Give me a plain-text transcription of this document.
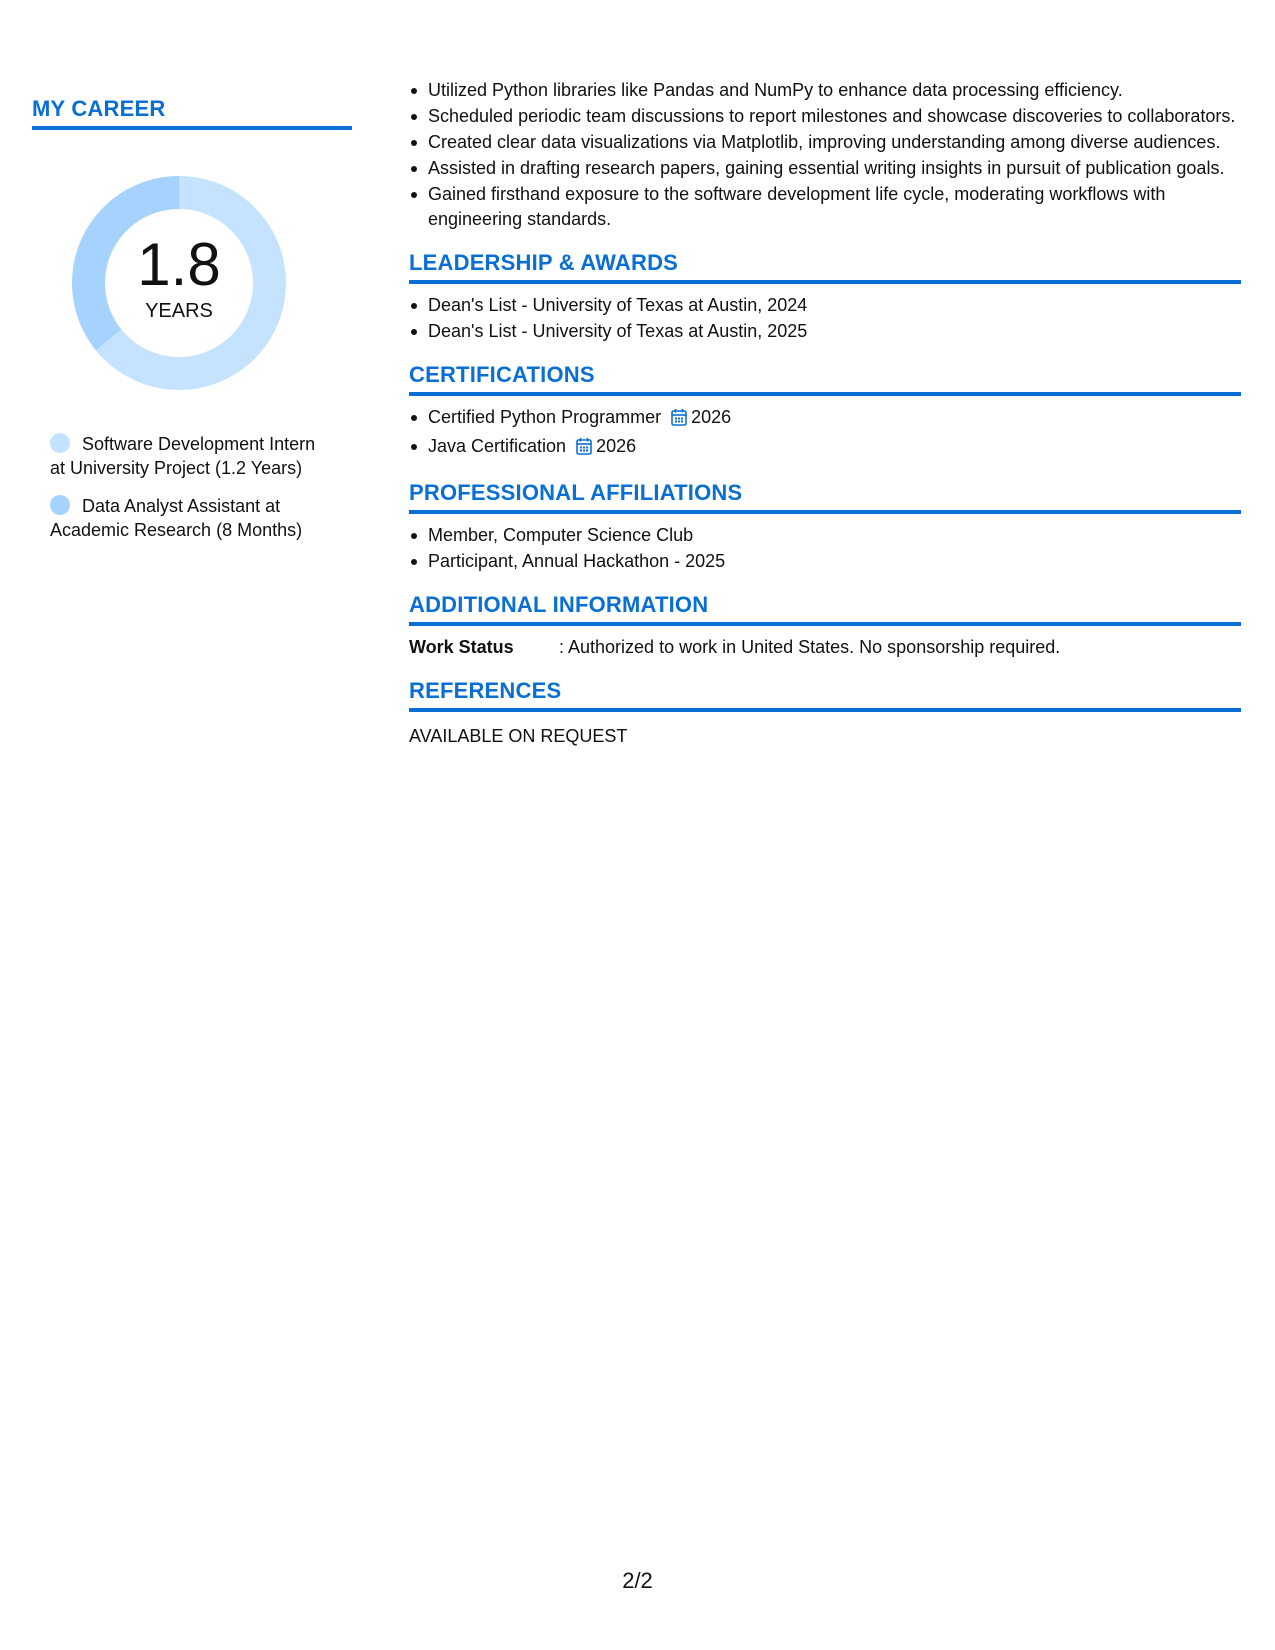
MY CAREER
1.8
YEARS
Software Development Intern at University Project (1.2 Years)
Data Analyst Assistant at Academic Research (8 Months)
Utilized Python libraries like Pandas and NumPy to enhance data processing efficiency.
Scheduled periodic team discussions to report milestones and showcase discoveries to collaborators.
Created clear data visualizations via Matplotlib, improving understanding among diverse audiences.
Assisted in drafting research papers, gaining essential writing insights in pursuit of publication goals.
Gained firsthand exposure to the software development life cycle, moderating workflows with engineering standards.
LEADERSHIP & AWARDS
Dean's List - University of Texas at Austin, 2024
Dean's List - University of Texas at Austin, 2025
CERTIFICATIONS
Certified Python Programmer 2026
Java Certification 2026
PROFESSIONAL AFFILIATIONS
Member, Computer Science Club
Participant, Annual Hackathon - 2025
ADDITIONAL INFORMATION
Work Status	: Authorized to work in United States. No sponsorship required.
REFERENCES
AVAILABLE ON REQUEST
2/2
